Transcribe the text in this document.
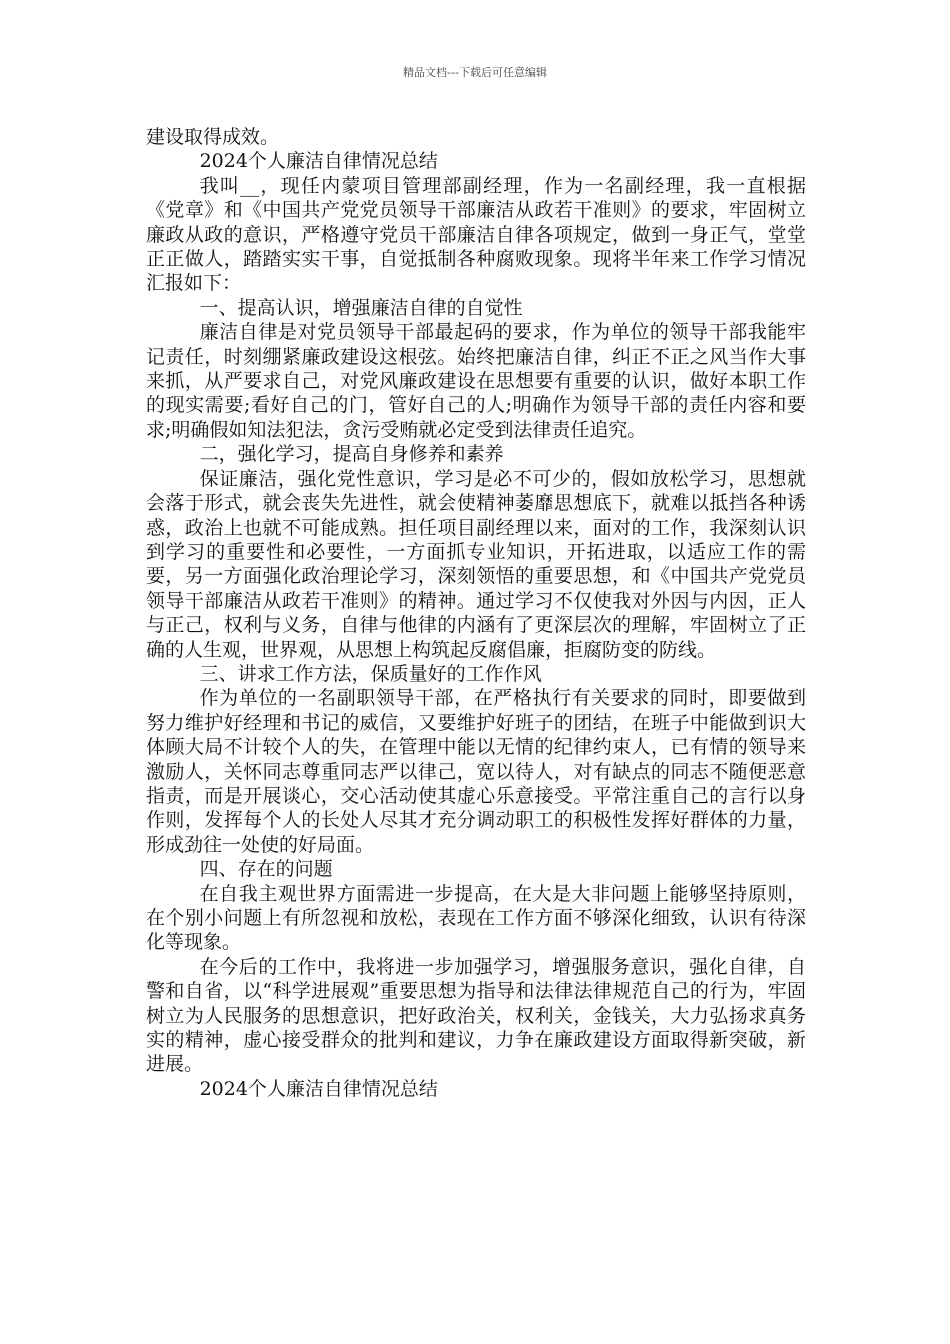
精品文档---下载后可任意编辑

建设取得成效。

2024个人廉洁自律情况总结

我叫__，现任内蒙项目管理部副经理，作为一名副经理，我一直根据《党章》和《中国共产党党员领导干部廉洁从政若干准则》的要求，牢固树立廉政从政的意识，严格遵守党员干部廉洁自律各项规定，做到一身正气，堂堂正正做人，踏踏实实干事，自觉抵制各种腐败现象。现将半年来工作学习情况汇报如下：

一、提高认识，增强廉洁自律的自觉性

廉洁自律是对党员领导干部最起码的要求，作为单位的领导干部我能牢记责任，时刻绷紧廉政建设这根弦。始终把廉洁自律，纠正不正之风当作大事来抓，从严要求自己，对党风廉政建设在思想要有重要的认识，做好本职工作的现实需要;看好自己的门，管好自己的人;明确作为领导干部的责任内容和要求;明确假如知法犯法，贪污受贿就必定受到法律责任追究。

二，强化学习，提高自身修养和素养

保证廉洁，强化党性意识，学习是必不可少的，假如放松学习，思想就会落于形式，就会丧失先进性，就会使精神萎靡思想底下，就难以抵挡各种诱惑，政治上也就不可能成熟。担任项目副经理以来，面对的工作，我深刻认识到学习的重要性和必要性，一方面抓专业知识，开拓进取，以适应工作的需要，另一方面强化政治理论学习，深刻领悟的重要思想，和《中国共产党党员领导干部廉洁从政若干准则》的精神。通过学习不仅使我对外因与内因，正人与正己，权利与义务，自律与他律的内涵有了更深层次的理解，牢固树立了正确的人生观，世界观，从思想上构筑起反腐倡廉，拒腐防变的防线。

三、讲求工作方法，保质量好的工作作风

作为单位的一名副职领导干部，在严格执行有关要求的同时，即要做到努力维护好经理和书记的威信，又要维护好班子的团结，在班子中能做到识大体顾大局不计较个人的失，在管理中能以无情的纪律约束人，已有情的领导来激励人，关怀同志尊重同志严以律己，宽以待人，对有缺点的同志不随便恶意指责，而是开展谈心，交心活动使其虚心乐意接受。平常注重自己的言行以身作则，发挥每个人的长处人尽其才充分调动职工的积极性发挥好群体的力量，形成劲往一处使的好局面。

四、存在的问题

在自我主观世界方面需进一步提高，在大是大非问题上能够坚持原则，在个别小问题上有所忽视和放松，表现在工作方面不够深化细致，认识有待深化等现象。

在今后的工作中，我将进一步加强学习，增强服务意识，强化自律，自警和自省，以“科学进展观”重要思想为指导和法律法律规范自己的行为，牢固树立为人民服务的思想意识，把好政治关，权利关，金钱关，大力弘扬求真务实的精神，虚心接受群众的批判和建议，力争在廉政建设方面取得新突破，新进展。

2024个人廉洁自律情况总结
